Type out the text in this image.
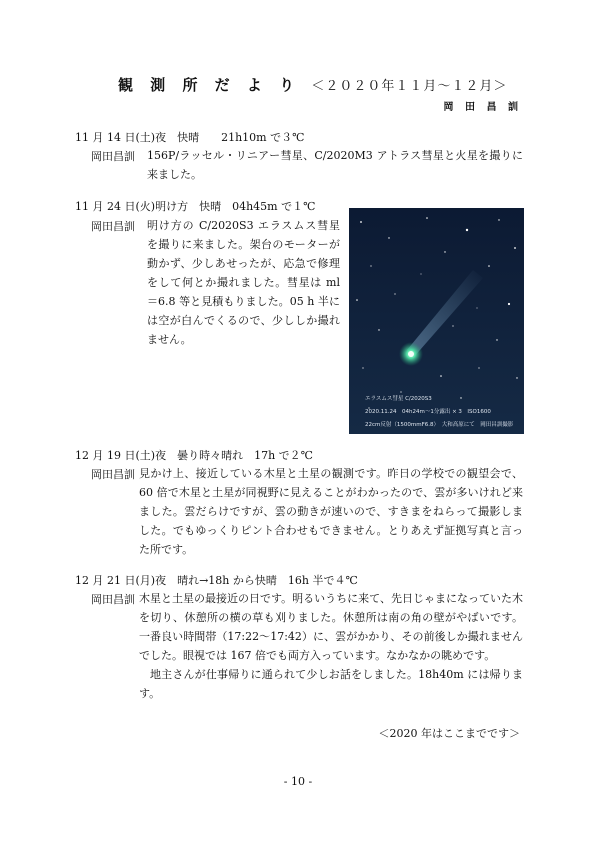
観 測 所 だ よ り ＜２０２０年１１月～１２月＞
岡 田 昌 訓
11 月 14 日(土)夜　快晴　　21h10m で３℃
岡田昌訓 156P/ラッセル・リニアー彗星、C/2020M3 アトラス彗星と火星を撮りに来ました。
11 月 24 日(火)明け方　快晴　04h45m で１℃
岡田昌訓 明け方の C/2020S3 エラスムス彗星を撮りに来ました。架台のモーターが動かず、少しあせったが、応急で修理をして何とか撮れました。彗星は ml＝6.8 等と見積もりました。05 h 半には空が白んでくるので、少ししか撮れません。
エラスムス彗星 C/2020S3
2020.11.24　04h24m～1分露出 × 3　ISO1600
22cm反射（1500mmF6.8）　大和高原にて　岡田昌訓撮影
12 月 19 日(土)夜　曇り時々晴れ　17h で２℃
岡田昌訓 見かけ上、接近している木星と土星の観測です。昨日の学校での観望会で、60 倍で木星と土星が同視野に見えることがわかったので、雲が多いけれど来ました。雲だらけですが、雲の動きが速いので、すきまをねらって撮影しました。でもゆっくりピント合わせもできません。とりあえず証拠写真と言った所です。
12 月 21 日(月)夜　晴れ→18h から快晴　16h 半で４℃
岡田昌訓 木星と土星の最接近の日です。明るいうちに来て、先日じゃまになっていた木を切り、休憩所の横の草も刈りました。休憩所は南の角の壁がやばいです。一番良い時間帯（17:22～17:42）に、雲がかかり、その前後しか撮れませんでした。眼視では 167 倍でも両方入っています。なかなかの眺めです。
地主さんが仕事帰りに通られて少しお話をしました。18h40m には帰ります。
＜2020 年はここまでです＞
- 10 -
